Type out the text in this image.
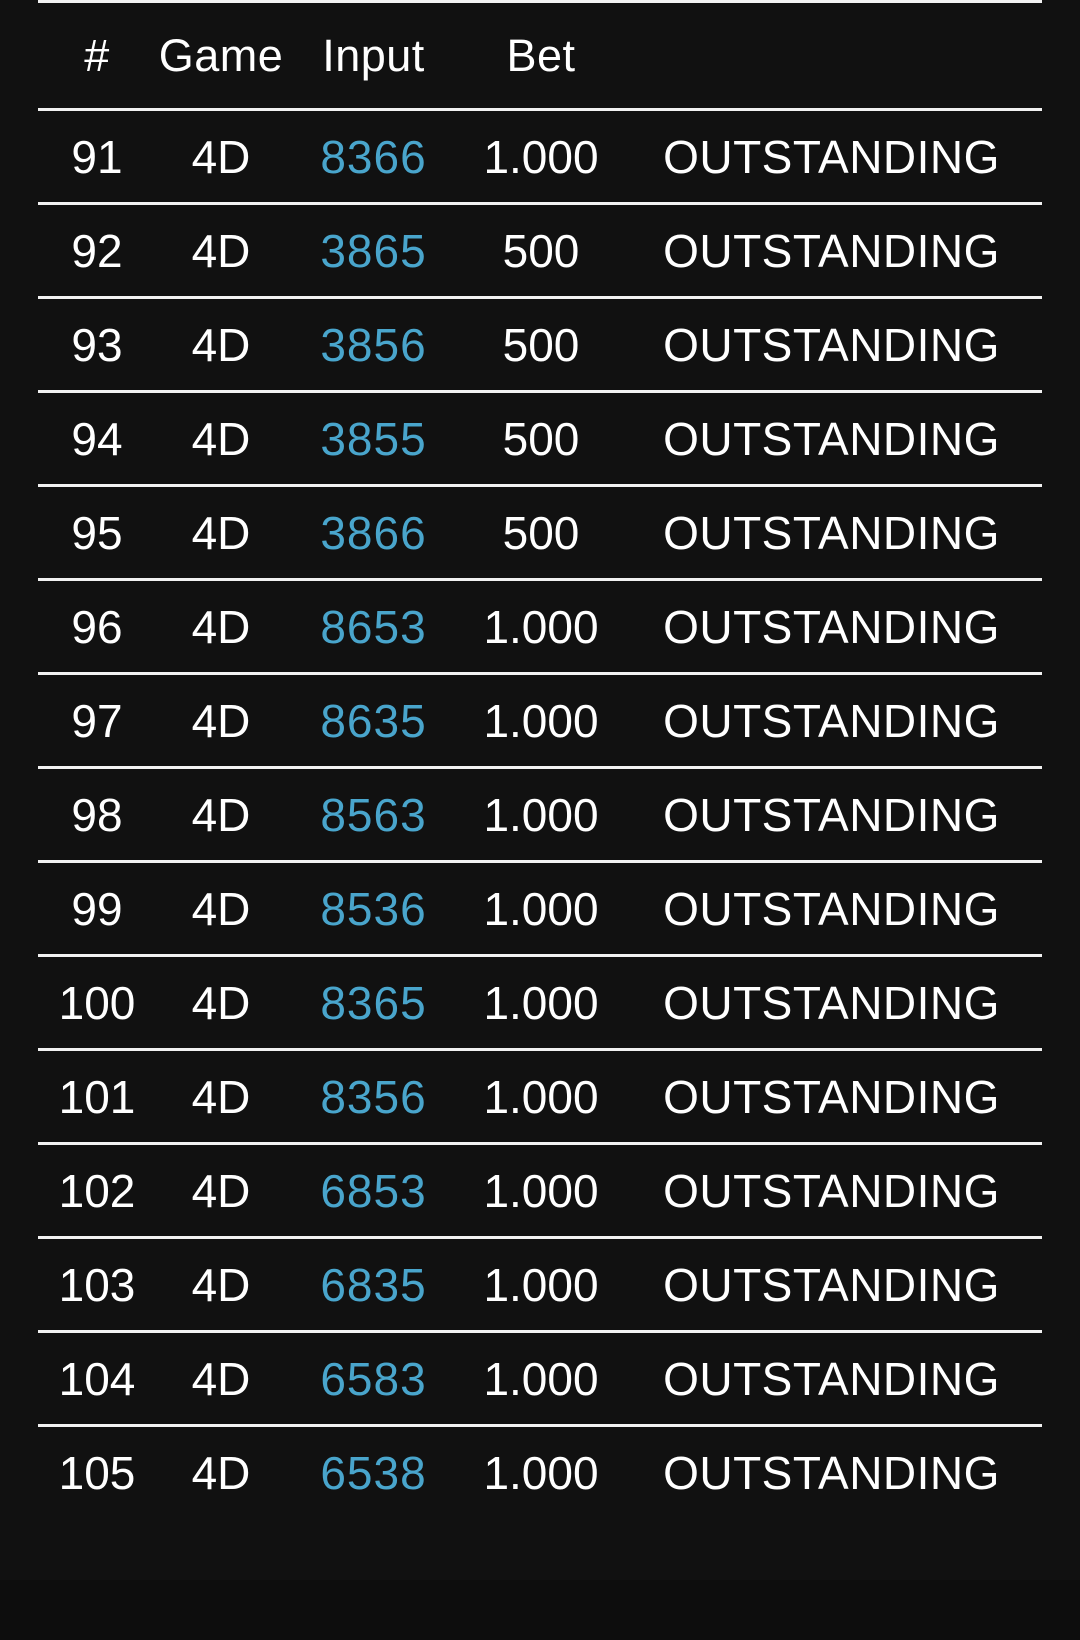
#	Game	Input	Bet	
91	4D	8366	1.000	OUTSTANDING
92	4D	3865	500	OUTSTANDING
93	4D	3856	500	OUTSTANDING
94	4D	3855	500	OUTSTANDING
95	4D	3866	500	OUTSTANDING
96	4D	8653	1.000	OUTSTANDING
97	4D	8635	1.000	OUTSTANDING
98	4D	8563	1.000	OUTSTANDING
99	4D	8536	1.000	OUTSTANDING
100	4D	8365	1.000	OUTSTANDING
101	4D	8356	1.000	OUTSTANDING
102	4D	6853	1.000	OUTSTANDING
103	4D	6835	1.000	OUTSTANDING
104	4D	6583	1.000	OUTSTANDING
105	4D	6538	1.000	OUTSTANDING
